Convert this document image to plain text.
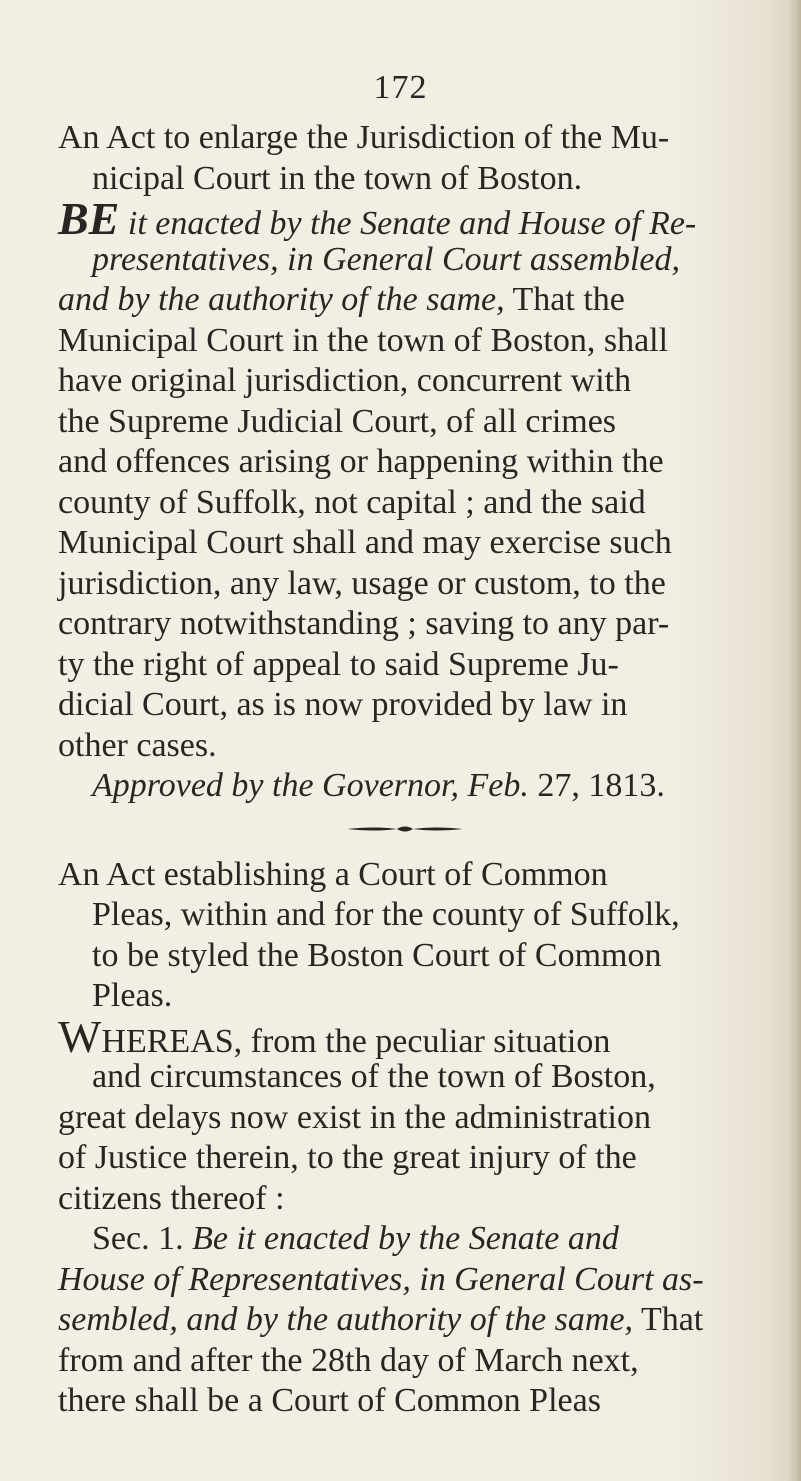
172
An Act to enlarge the Jurisdiction of the Mu-
nicipal Court in the town of Boston.
BE it enacted by the Senate and House of Re-
presentatives, in General Court assembled,
and by the authority of the same, That the
Municipal Court in the town of Boston, shall
have original jurisdiction, concurrent with
the Supreme Judicial Court, of all crimes
and offences arising or happening within the
county of Suffolk, not capital ; and the said
Municipal Court shall and may exercise such
jurisdiction, any law, usage or custom, to the
contrary notwithstanding ; saving to any par-
ty the right of appeal to said Supreme Ju-
dicial Court, as is now provided by law in
other cases.
Approved by the Governor, Feb. 27, 1813.
An Act establishing a Court of Common
Pleas, within and for the county of Suffolk,
to be styled the Boston Court of Common
Pleas.
WHEREAS, from the peculiar situation
and circumstances of the town of Boston,
great delays now exist in the administration
of Justice therein, to the great injury of the
citizens thereof :
Sec. 1. Be it enacted by the Senate and
House of Representatives, in General Court as-
sembled, and by the authority of the same, That
from and after the 28th day of March next,
there shall be a Court of Common Pleas
